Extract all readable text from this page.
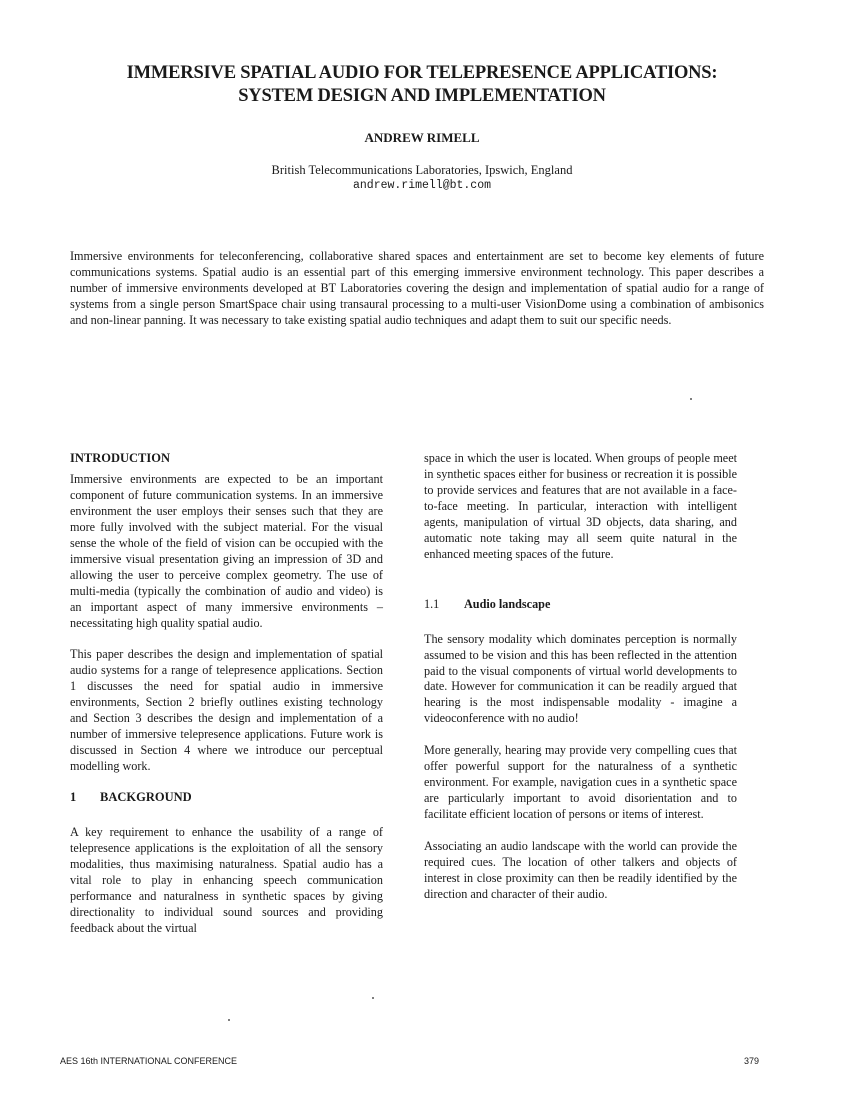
IMMERSIVE SPATIAL AUDIO FOR TELEPRESENCE APPLICATIONS:
SYSTEM DESIGN AND IMPLEMENTATION
ANDREW RIMELL
British Telecommunications Laboratories, Ipswich, England
andrew.rimell@bt.com

Immersive environments for teleconferencing, collaborative shared spaces and entertainment are set to become key elements of future communications systems. Spatial audio is an essential part of this emerging immersive environment technology. This paper describes a number of immersive environments developed at BT Laboratories covering the design and implementation of spatial audio for a range of systems from a single person SmartSpace chair using transaural processing to a multi-user VisionDome using a combination of ambisonics and non-linear panning. It was necessary to take existing spatial audio techniques and adapt them to suit our specific needs.

INTRODUCTION

Immersive environments are expected to be an important component of future communication systems. In an immersive environment the user employs their senses such that they are more fully involved with the subject material. For the visual sense the whole of the field of vision can be occupied with the immersive visual presentation giving an impression of 3D and allowing the user to perceive complex geometry. The use of multi-media (typically the combination of audio and video) is an important aspect of many immersive environments – necessitating high quality spatial audio.

This paper describes the design and implementation of spatial audio systems for a range of telepresence applications. Section 1 discusses the need for spatial audio in immersive environments, Section 2 briefly outlines existing technology and Section 3 describes the design and implementation of a number of immersive telepresence applications. Future work is discussed in Section 4 where we introduce our perceptual modelling work.

1 BACKGROUND

A key requirement to enhance the usability of a range of telepresence applications is the exploitation of all the sensory modalities, thus maximising naturalness. Spatial audio has a vital role to play in enhancing speech communication performance and naturalness in synthetic spaces by giving directionality to individual sound sources and providing feedback about the virtual

space in which the user is located. When groups of people meet in synthetic spaces either for business or recreation it is possible to provide services and features that are not available in a face-to-face meeting. In particular, interaction with intelligent agents, manipulation of virtual 3D objects, data sharing, and automatic note taking may all seem quite natural in the enhanced meeting spaces of the future.

1.1 Audio landscape

The sensory modality which dominates perception is normally assumed to be vision and this has been reflected in the attention paid to the visual components of virtual world developments to date. However for communication it can be readily argued that hearing is the most indispensable modality - imagine a videoconference with no audio!

More generally, hearing may provide very compelling cues that offer powerful support for the naturalness of a synthetic environment. For example, navigation cues in a synthetic space are particularly important to avoid disorientation and to facilitate efficient location of persons or items of interest.

Associating an audio landscape with the world can provide the required cues. The location of other talkers and objects of interest in close proximity can then be readily identified by the direction and character of their audio.

AES 16th INTERNATIONAL CONFERENCE	379
